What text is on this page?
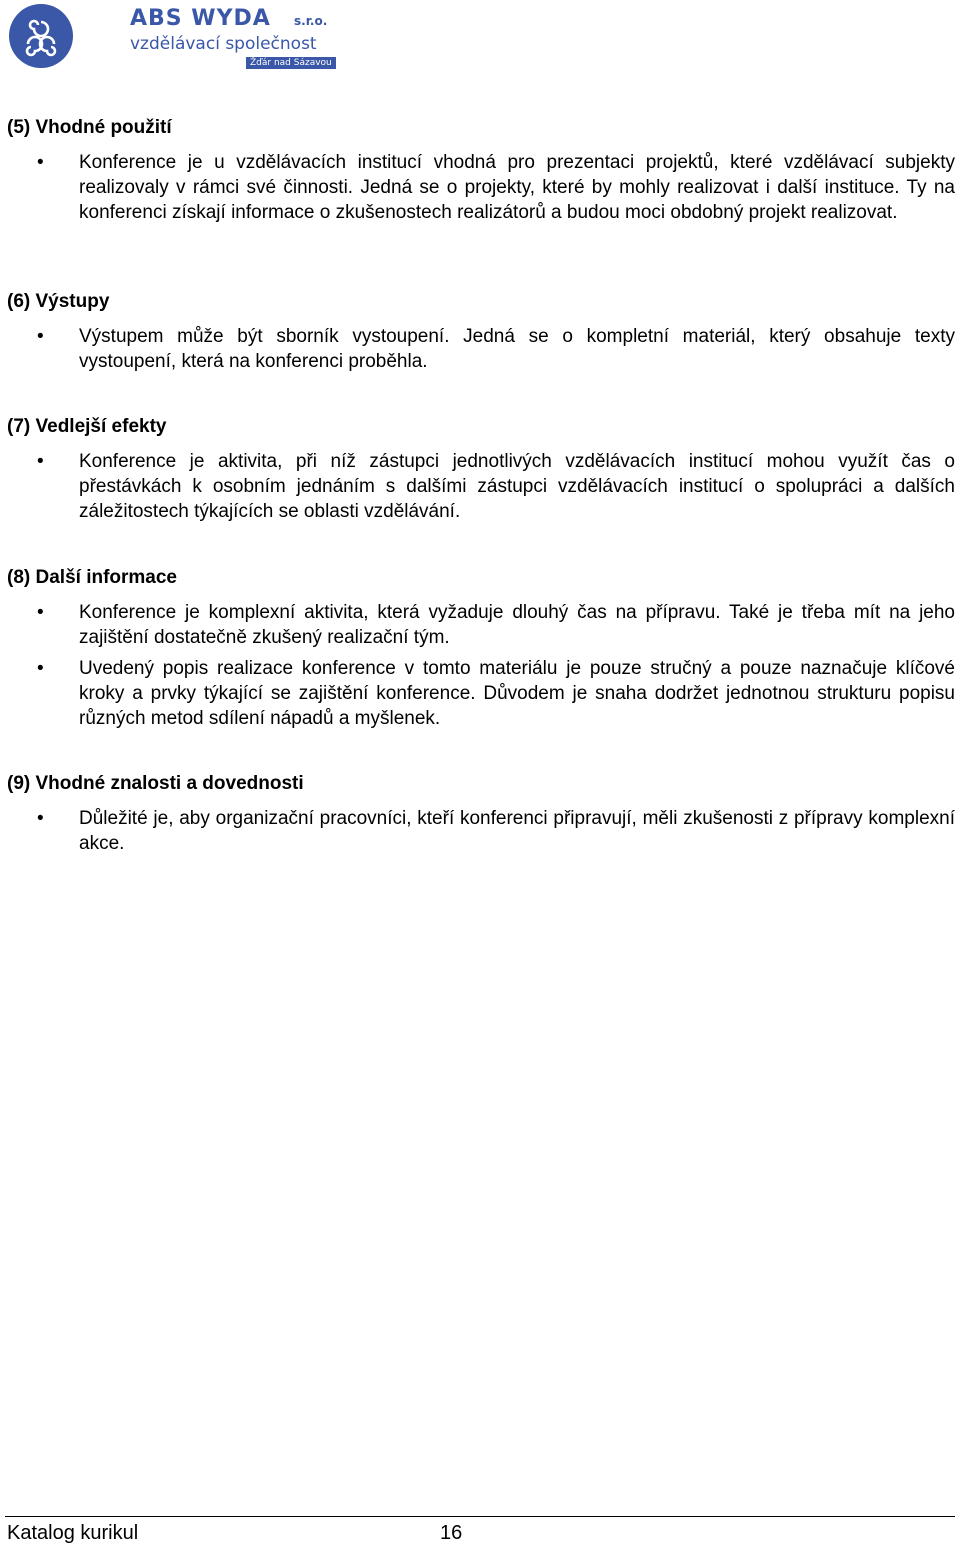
ABS WYDA s.r.o.
vzdělávací společnost
Žďár nad Sázavou
(5) Vhodné použití
• Konference je u vzdělávacích institucí vhodná pro prezentaci projektů, které vzdělávací subjekty realizovaly v rámci své činnosti. Jedná se o projekty, které by mohly realizovat i další instituce. Ty na konferenci získají informace o zkušenostech realizátorů a budou moci obdobný projekt realizovat.
(6) Výstupy
• Výstupem může být sborník vystoupení. Jedná se o kompletní materiál, který obsahuje texty vystoupení, která na konferenci proběhla.
(7) Vedlejší efekty
• Konference je aktivita, při níž zástupci jednotlivých vzdělávacích institucí mohou využít čas o přestávkách k osobním jednáním s dalšími zástupci vzdělávacích institucí o spolupráci a dalších záležitostech týkajících se oblasti vzdělávání.
(8) Další informace
• Konference je komplexní aktivita, která vyžaduje dlouhý čas na přípravu. Také je třeba mít na jeho zajištění dostatečně zkušený realizační tým.
• Uvedený popis realizace konference v tomto materiálu je pouze stručný a pouze naznačuje klíčové kroky a prvky týkající se zajištění konference. Důvodem je snaha dodržet jednotnou strukturu popisu různých metod sdílení nápadů a myšlenek.
(9) Vhodné znalosti a dovednosti
• Důležité je, aby organizační pracovníci, kteří konferenci připravují, měli zkušenosti z přípravy komplexní akce.
Katalog kurikul	16
